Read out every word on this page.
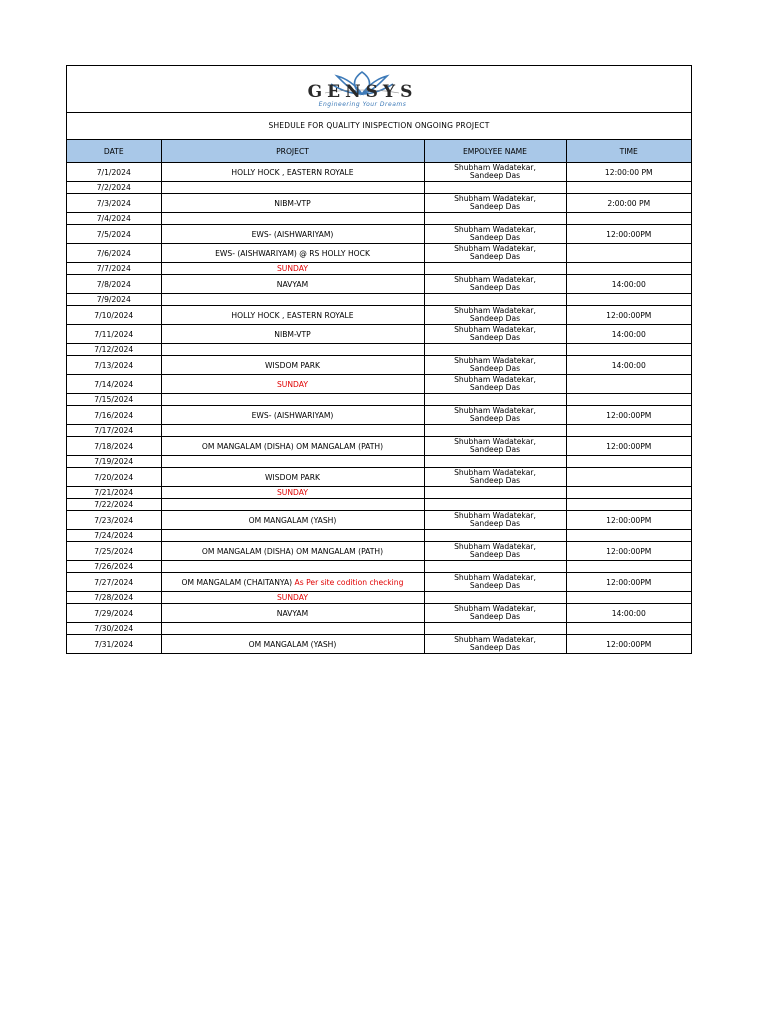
GENSYS
Engineering Your Dreams
SHEDULE FOR QUALITY INISPECTION ONGOING PROJECT
DATE	PROJECT	EMPOLYEE NAME	TIME
7/1/2024	HOLLY HOCK , EASTERN ROYALE	Shubham Wadatekar,
Sandeep Das	12:00:00 PM
7/2/2024		

7/3/2024	NIBM-VTP	Shubham Wadatekar,
Sandeep Das	2:00:00 PM
7/4/2024		

7/5/2024	EWS- (AISHWARIYAM)	Shubham Wadatekar,
Sandeep Das	12:00:00PM
7/6/2024	EWS- (AISHWARIYAM) @ RS HOLLY HOCK	Shubham Wadatekar,
Sandeep Das	

7/7/2024	SUNDAY	

7/8/2024	NAVYAM	Shubham Wadatekar,
Sandeep Das	14:00:00
7/9/2024		

7/10/2024	HOLLY HOCK , EASTERN ROYALE	Shubham Wadatekar,
Sandeep Das	12:00:00PM
7/11/2024	NIBM-VTP	Shubham Wadatekar,
Sandeep Das	14:00:00
7/12/2024		

7/13/2024	WISDOM PARK	Shubham Wadatekar,
Sandeep Das	14:00:00
7/14/2024	SUNDAY	Shubham Wadatekar,
Sandeep Das	

7/15/2024		

7/16/2024	EWS- (AISHWARIYAM)	Shubham Wadatekar,
Sandeep Das	12:00:00PM
7/17/2024		

7/18/2024	OM MANGALAM (DISHA) OM MANGALAM (PATH)	Shubham Wadatekar,
Sandeep Das	12:00:00PM
7/19/2024		

7/20/2024	WISDOM PARK	Shubham Wadatekar,
Sandeep Das	

7/21/2024	SUNDAY	

7/22/2024		

7/23/2024	OM MANGALAM (YASH)	Shubham Wadatekar,
Sandeep Das	12:00:00PM
7/24/2024		

7/25/2024	OM MANGALAM (DISHA) OM MANGALAM (PATH)	Shubham Wadatekar,
Sandeep Das	12:00:00PM
7/26/2024		

7/27/2024	OM MANGALAM (CHAITANYA) As Per site codition checking	Shubham Wadatekar,
Sandeep Das	12:00:00PM
7/28/2024	SUNDAY	

7/29/2024	NAVYAM	Shubham Wadatekar,
Sandeep Das	14:00:00
7/30/2024		

7/31/2024	OM MANGALAM (YASH)	Shubham Wadatekar,
Sandeep Das	12:00:00PM
